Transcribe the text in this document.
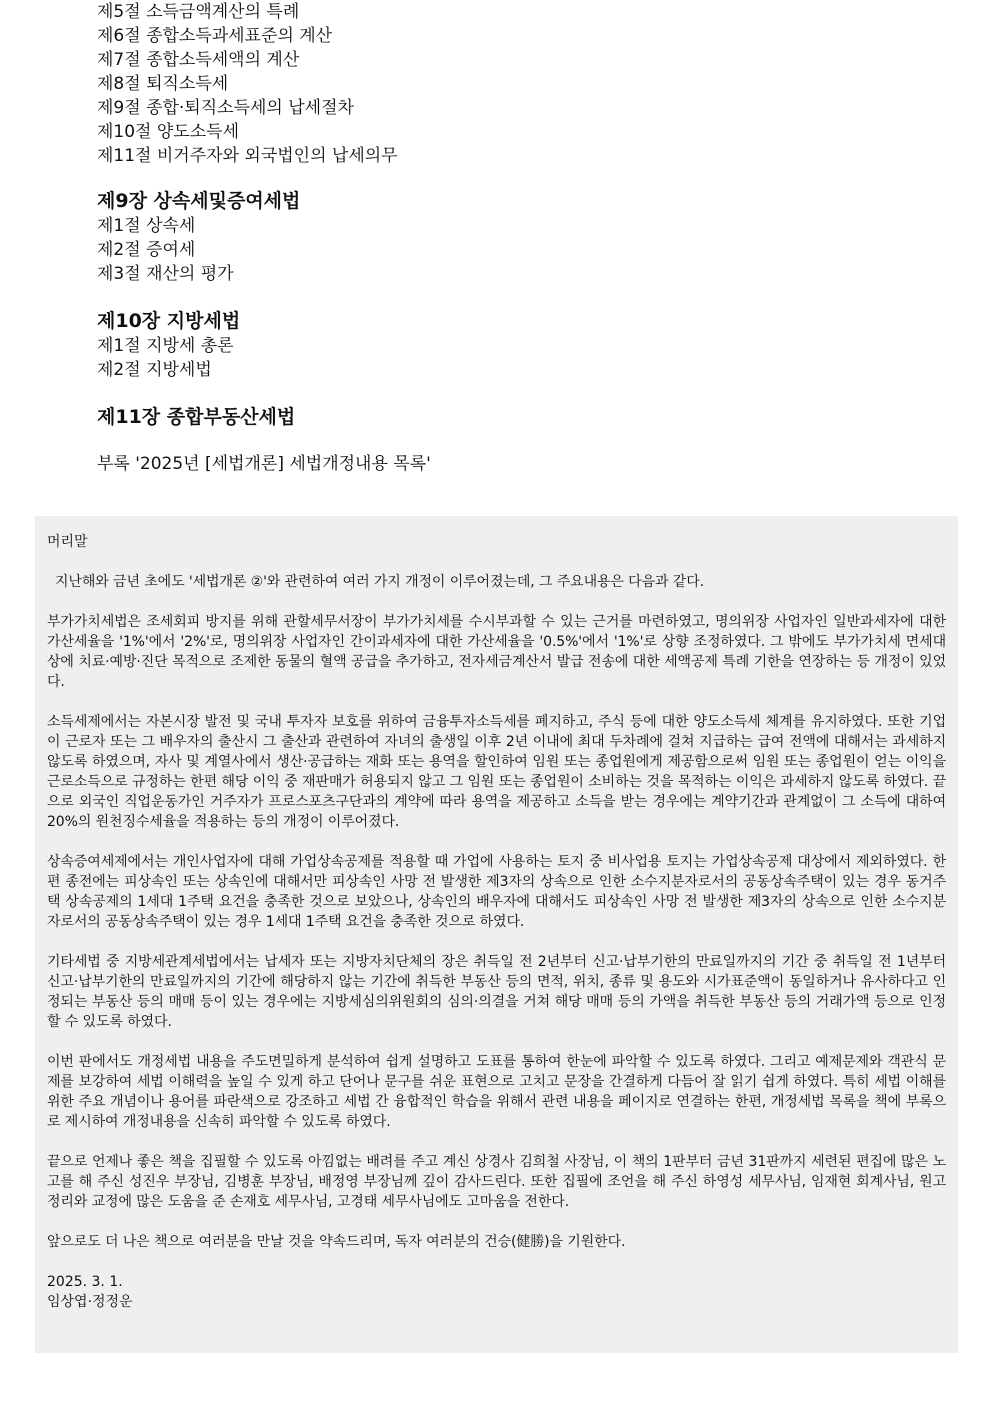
제5절 소득금액계산의 특례
제6절 종합소득과세표준의 계산
제7절 종합소득세액의 계산
제8절 퇴직소득세
제9절 종합·퇴직소득세의 납세절차
제10절 양도소득세
제11절 비거주자와 외국법인의 납세의무
제9장 상속세및증여세법
제1절 상속세
제2절 증여세
제3절 재산의 평가
제10장 지방세법
제1절 지방세 총론
제2절 지방세법
제11장 종합부동산세법
부록 '2025년 [세법개론] 세법개정내용 목록'
머리말
지난해와 금년 초에도 '세법개론 ②'와 관련하여 여러 가지 개정이 이루어졌는데, 그 주요내용은 다음과 같다.
부가가치세법은 조세회피 방지를 위해 관할세무서장이 부가가치세를 수시부과할 수 있는 근거를 마련하였고, 명의위장 사업자인 일반과세자에 대한 가산세율을 '1%'에서 '2%'로, 명의위장 사업자인 간이과세자에 대한 가산세율을 '0.5%'에서 '1%'로 상향 조정하였다. 그 밖에도 부가가치세 면세대상에 치료·예방·진단 목적으로 조제한 동물의 혈액 공급을 추가하고, 전자세금계산서 발급 전송에 대한 세액공제 특례 기한을 연장하는 등 개정이 있었다.
소득세제에서는 자본시장 발전 및 국내 투자자 보호를 위하여 금융투자소득세를 폐지하고, 주식 등에 대한 양도소득세 체계를 유지하였다. 또한 기업이 근로자 또는 그 배우자의 출산시 그 출산과 관련하여 자녀의 출생일 이후 2년 이내에 최대 두차례에 걸쳐 지급하는 급여 전액에 대해서는 과세하지 않도록 하였으며, 자사 및 계열사에서 생산·공급하는 재화 또는 용역을 할인하여 임원 또는 종업원에게 제공함으로써 임원 또는 종업원이 얻는 이익을 근로소득으로 규정하는 한편 해당 이익 중 재판매가 허용되지 않고 그 임원 또는 종업원이 소비하는 것을 목적하는 이익은 과세하지 않도록 하였다. 끝으로 외국인 직업운동가인 거주자가 프로스포츠구단과의 계약에 따라 용역을 제공하고 소득을 받는 경우에는 계약기간과 관계없이 그 소득에 대하여 20%의 원천징수세율을 적용하는 등의 개정이 이루어졌다.
상속증여세제에서는 개인사업자에 대해 가업상속공제를 적용할 때 가업에 사용하는 토지 중 비사업용 토지는 가업상속공제 대상에서 제외하였다. 한편 종전에는 피상속인 또는 상속인에 대해서만 피상속인 사망 전 발생한 제3자의 상속으로 인한 소수지분자로서의 공동상속주택이 있는 경우 동거주택 상속공제의 1세대 1주택 요건을 충족한 것으로 보았으나, 상속인의 배우자에 대해서도 피상속인 사망 전 발생한 제3자의 상속으로 인한 소수지분자로서의 공동상속주택이 있는 경우 1세대 1주택 요건을 충족한 것으로 하였다.
기타세법 중 지방세관계세법에서는 납세자 또는 지방자치단체의 장은 취득일 전 2년부터 신고·납부기한의 만료일까지의 기간 중 취득일 전 1년부터 신고·납부기한의 만료일까지의 기간에 해당하지 않는 기간에 취득한 부동산 등의 면적, 위치, 종류 및 용도와 시가표준액이 동일하거나 유사하다고 인정되는 부동산 등의 매매 등이 있는 경우에는 지방세심의위원회의 심의·의결을 거쳐 해당 매매 등의 가액을 취득한 부동산 등의 거래가액 등으로 인정할 수 있도록 하였다.
이번 판에서도 개정세법 내용을 주도면밀하게 분석하여 쉽게 설명하고 도표를 통하여 한눈에 파악할 수 있도록 하였다. 그리고 예제문제와 객관식 문제를 보강하여 세법 이해력을 높일 수 있게 하고 단어나 문구를 쉬운 표현으로 고치고 문장을 간결하게 다듬어 잘 읽기 쉽게 하였다. 특히 세법 이해를 위한 주요 개념이나 용어를 파란색으로 강조하고 세법 간 융합적인 학습을 위해서 관련 내용을 페이지로 연결하는 한편, 개정세법 목록을 책에 부록으로 제시하여 개정내용을 신속히 파악할 수 있도록 하였다.
끝으로 언제나 좋은 책을 집필할 수 있도록 아낌없는 배려를 주고 계신 상경사 김희철 사장님, 이 책의 1판부터 금년 31판까지 세련된 편집에 많은 노고를 해 주신 성진우 부장님, 김병훈 부장님, 배정영 부장님께 깊이 감사드린다. 또한 집필에 조언을 해 주신 하영성 세무사님, 임재현 회계사님, 원고정리와 교정에 많은 도움을 준 손재호 세무사님, 고경태 세무사님에도 고마움을 전한다.
앞으로도 더 나은 책으로 여러분을 만날 것을 약속드리며, 독자 여러분의 건승(健勝)을 기원한다.
2025. 3. 1.
임상엽·정정운
